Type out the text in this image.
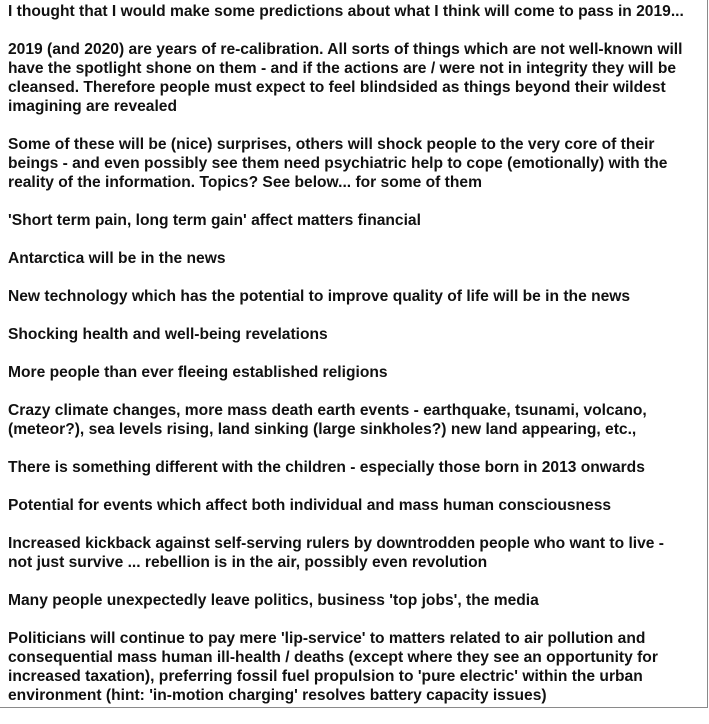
I thought that I would make some predictions about what I think will come to pass in 2019...
2019 (and 2020) are years of re-calibration. All sorts of things which are not well-known will
have the spotlight shone on them - and if the actions are / were not in integrity they will be
cleansed. Therefore people must expect to feel blindsided as things beyond their wildest
imagining are revealed
Some of these will be (nice) surprises, others will shock people to the very core of their
beings - and even possibly see them need psychiatric help to cope (emotionally) with the
reality of the information. Topics? See below... for some of them
'Short term pain, long term gain' affect matters financial
Antarctica will be in the news
New technology which has the potential to improve quality of life will be in the news
Shocking health and well-being revelations
More people than ever fleeing established religions
Crazy climate changes, more mass death earth events - earthquake, tsunami, volcano,
(meteor?), sea levels rising, land sinking (large sinkholes?) new land appearing, etc.,
There is something different with the children - especially those born in 2013 onwards
Potential for events which affect both individual and mass human consciousness
Increased kickback against self-serving rulers by downtrodden people who want to live -
not just survive ... rebellion is in the air, possibly even revolution
Many people unexpectedly leave politics, business 'top jobs', the media
Politicians will continue to pay mere 'lip-service' to matters related to air pollution and
consequential mass human ill-health / deaths (except where they see an opportunity for
increased taxation), preferring fossil fuel propulsion to 'pure electric' within the urban
environment (hint: 'in-motion charging' resolves battery capacity issues)
